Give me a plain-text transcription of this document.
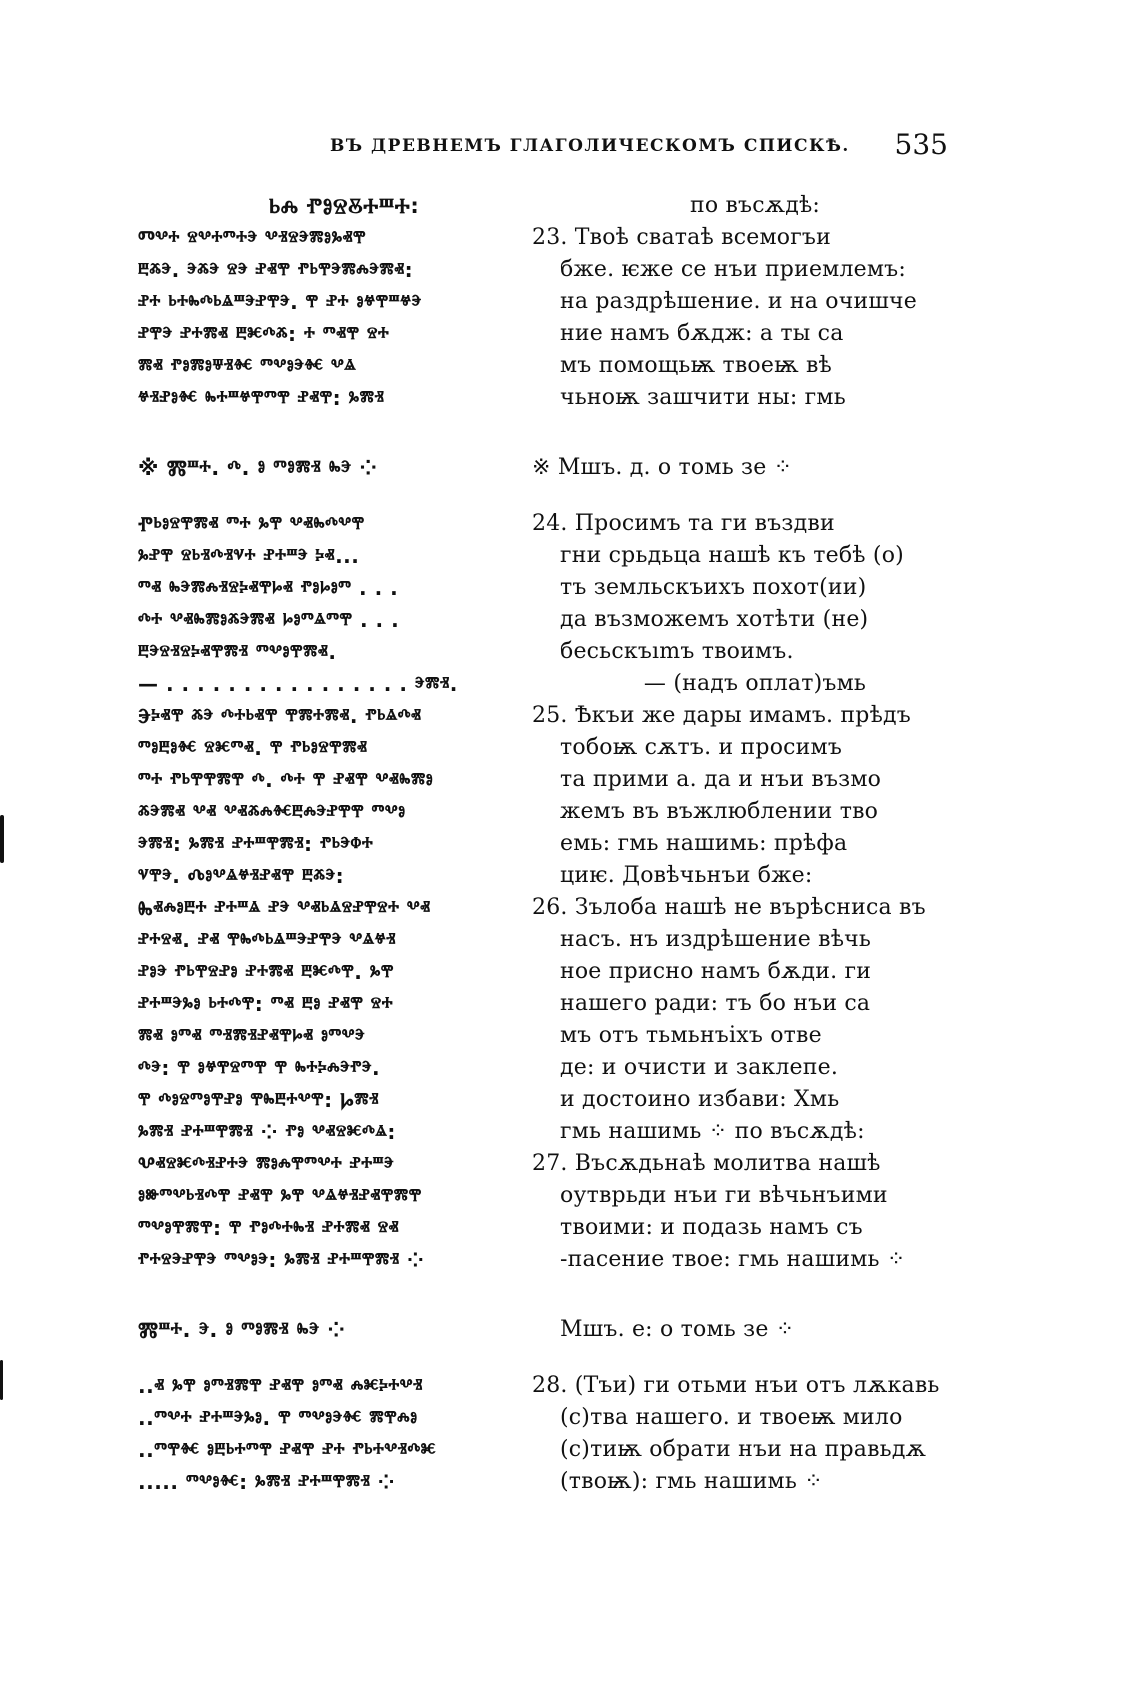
ВЪ ДРЕВНЕМЪ ГЛАГОЛИЧЕСКОМЪ СПИСКѢ. 535
ⰓⰎ ⰒⰑⰔⰋⰀⰞⰀ:
Ⱅⰲⰰ ⱄⰲⰰⱅⰰⰵ ⰲⱐⱄⰵⰿⱁⰳⱏⰹ
ⰱⰶⰵ. ⰵⰶⰵ ⱄⰵ ⱀⱏⰹ ⱂⱃⰹⰵⰿⰾⰵⰿⱏ:
ⱀⰰ ⱃⰰⰸⰴⱃⱑⱎⰵⱀⰹⰵ. ⰹ ⱀⰰ ⱁⱍⰹⱎⱍⰵ
ⱀⰹⰵ ⱀⰰⰿⱏ ⰱⱘⰴⰶ: ⰰ ⱅⱏⰹ ⱄⰰ
ⰿⱏ ⱂⱁⰿⱁⱋⱐⱙ ⱅⰲⱁⰵⱙ ⰲⱑ
ⱍⱐⱀⱁⱙ ⰸⰰⱎⱍⰹⱅⰹ ⱀⱏⰹ: ⰳⰿⱐ
※ Ⰿⱎⰰ. ⰴ. ⱁ ⱅⱁⰿⱐ ⰸⰵ ⁘
Ⱂⱃⱁⱄⰹⰿⱏ ⱅⰰ ⰳⰹ ⰲⱏⰸⰴⰲⰹ
ⰳⱀⰹ ⱄⱃⱐⰴⱐⱌⰰ ⱀⰰⱎⰵ ⰽⱏ...
ⱅⱏ ⰸⰵⰿⰾⱐⱄⰽⱏⰹⱈⱏ ⱂⱁⱈⱁⱅ . . .
ⰴⰰ ⰲⱏⰸⰿⱁⰶⰵⰿⱏ ⱈⱁⱅⱑⱅⰹ . . .
ⰱⰵⱄⱐⱄⰽⱏⰹⰿⱐ ⱅⰲⱁⰹⰿⱏ.
— . . . . . . . . . . . . . . . . ⰵⰿⱐ.
Ⰵⰽⱏⰹ ⰶⰵ ⰴⰰⱃⱏⰹ ⰹⰿⰰⰿⱏ. ⱂⱃⱑⰴⱏ
ⱅⱁⰱⱁⱙ ⱄⱘⱅⱏ. ⰹ ⱂⱃⱁⱄⰹⰿⱏ
ⱅⰰ ⱂⱃⰹⰹⰿⰹ ⰴ. ⰴⰰ ⰹ ⱀⱏⰹ ⰲⱏⰸⰿⱁ
ⰶⰵⰿⱏ ⰲⱏ ⰲⱏⰶⰾⱙⰱⰾⰵⱀⰹⰹ ⱅⰲⱁ
ⰵⰿⱐ: ⰳⰿⱐ ⱀⰰⱎⰹⰿⱐ: ⱂⱃⰵⱇⰰ
ⱌⰹⰵ. Ⰴⱁⰲⱑⱍⱐⱀⱏⰹ ⰱⰶⰵ:
Ⰸⱏⰾⱁⰱⰰ ⱀⰰⱎⱑ ⱀⰵ ⰲⱏⱃⱑⱄⱀⰹⱄⰰ ⰲⱏ
ⱀⰰⱄⱏ. ⱀⱏ ⰹⰸⰴⱃⱑⱎⰵⱀⰹⰵ ⰲⱑⱍⱐ
ⱀⱁⰵ ⱂⱃⰹⱄⱀⱁ ⱀⰰⰿⱏ ⰱⱘⰴⰹ. ⰳⰹ
ⱀⰰⱎⰵⰳⱁ ⱃⰰⰴⰹ: ⱅⱏ ⰱⱁ ⱀⱏⰹ ⱄⰰ
ⰿⱏ ⱁⱅⱏ ⱅⱐⰿⱐⱀⱏⰹⱈⱏ ⱁⱅⰲⰵ
ⰴⰵ: ⰹ ⱁⱍⰹⱄⱅⰹ ⰹ ⰸⰰⰽⰾⰵⱂⰵ.
ⰹ ⰴⱁⱄⱅⱁⰹⱀⱁ ⰹⰸⰱⰰⰲⰹ: Ⱈⰿⱐ
ⰳⰿⱐ ⱀⰰⱎⰹⰿⱐ ⁘ ⱂⱁ ⰲⱏⱄⱘⰴⱑ:
Ⰲⱏⱄⱘⰴⱐⱀⰰⰵ ⰿⱁⰾⰹⱅⰲⰰ ⱀⰰⱎⰵ
ⱁⱆⱅⰲⱃⱐⰴⰹ ⱀⱏⰹ ⰳⰹ ⰲⱑⱍⱐⱀⱏⰹⰿⰹ
ⱅⰲⱁⰹⰿⰹ: ⰹ ⱂⱁⰴⰰⰸⱐ ⱀⰰⰿⱏ ⱄⱏ
ⱂⰰⱄⰵⱀⰹⰵ ⱅⰲⱁⰵ: ⰳⰿⱐ ⱀⰰⱎⰹⰿⱐ ⁘
Ⰿⱎⰰ. ⰵ. ⱁ ⱅⱁⰿⱐ ⰸⰵ ⁘
..ⱏ ⰳⰹ ⱁⱅⱐⰿⰹ ⱀⱏⰹ ⱁⱅⱏ ⰾⱘⰽⰰⰲⱐ
..ⱅⰲⰰ ⱀⰰⱎⰵⰳⱁ. ⰹ ⱅⰲⱁⰵⱙ ⰿⰹⰾⱁ
..ⱅⰹⱙ ⱁⰱⱃⰰⱅⰹ ⱀⱏⰹ ⱀⰰ ⱂⱃⰰⰲⱐⰴⱘ
..... ⱅⰲⱁⱙ: ⰳⰿⱐ ⱀⰰⱎⰹⰿⱐ ⁘
по въсѫдѣ:
23. Твоѣ сватаѣ всемогъи
бже. ѥже се нъи приемлемъ:
на раздрѣшение. и на очишче
ние намъ бѫдж: а ты са
мъ помощьѭ твоеѭ вѣ
чьноѭ зашчити ны: гмь
※ Мшъ. д. о томь зе ⁘
24. Просимъ та ги въздви
гни срьдьца нашѣ къ тебѣ (о)
тъ земльскъихъ похот(ии)
да възможемъ хотѣти (не)
бесьскъımъ твоимъ.
— (надъ оплат)ъмь
25. Ѣкъи же дары имамъ. прѣдъ
тобоѭ сѫтъ. и просимъ
та прими а. да и нъи възмо
жемъ въ въжлюблении тво
емь: гмь нашимь: прѣфа
циѥ. Довѣчьнъи бже:
26. Зълоба нашѣ не върѣсниса въ
насъ. нъ издрѣшение вѣчь
ное присно намъ бѫди. ги
нашего ради: тъ бо нъи са
мъ отъ тьмьнъіхъ отве
де: и очисти и заклепе.
и достоино избави: Хмь
гмь нашимь ⁘ по въсѫдѣ:
27. Въсѫдьнаѣ молитва нашѣ
оутврьди нъи ги вѣчьнъими
твоими: и подазь намъ съ
-пасение твое: гмь нашимь ⁘
Мшъ. е: о томь зе ⁘
28. (Тъи) ги отьми нъи отъ лѫкавь
(с)тва нашего. и твоеѭ мило
(с)тиѭ обрати нъи на правьдѫ
(твоѭ): гмь нашимь ⁘
